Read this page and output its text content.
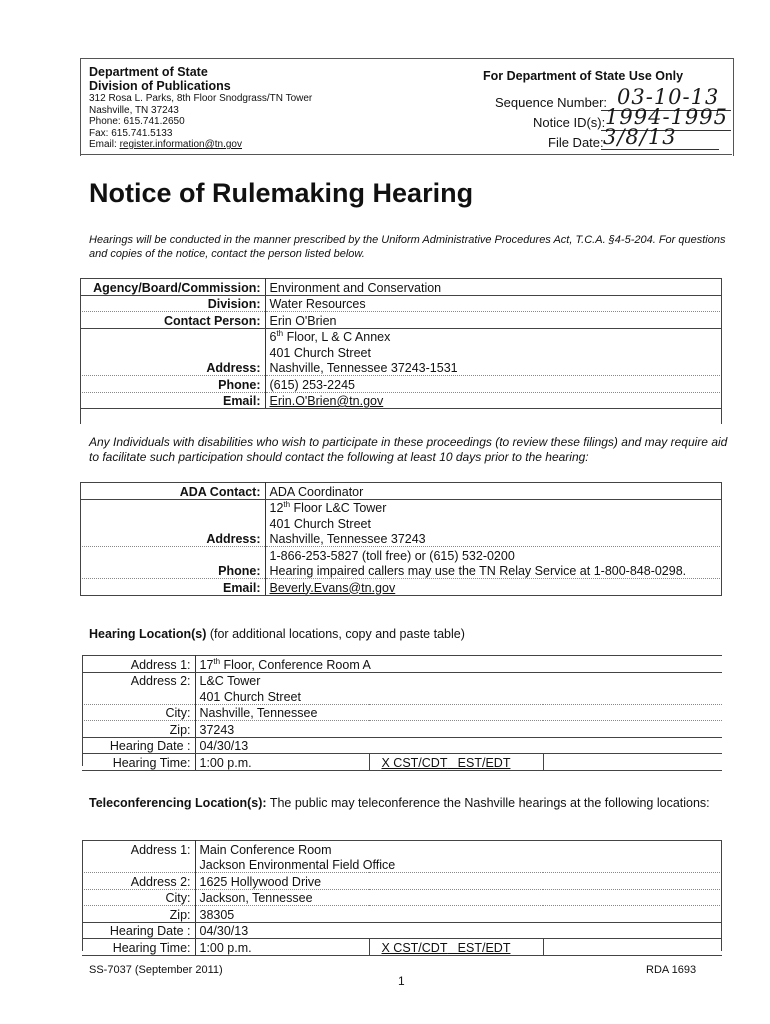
Department of State
Division of Publications
312 Rosa L. Parks, 8th Floor Snodgrass/TN Tower
Nashville, TN 37243
Phone: 615.741.2650
Fax: 615.741.5133
Email: register.information@tn.gov
For Department of State Use Only
Sequence Number: 03-10-13
Notice ID(s): 1994-1995
File Date: 3/8/13
Notice of Rulemaking Hearing
Hearings will be conducted in the manner prescribed by the Uniform Administrative Procedures Act, T.C.A. §4-5-204. For questions and copies of the notice, contact the person listed below.
Agency/Board/Commission:	Environment and Conservation
Division:	Water Resources
Contact Person:	Erin O'Brien
	6th Floor, L & C Annex
	401 Church Street
Address:	Nashville, Tennessee 37243-1531
Phone:	(615) 253-2245
Email:	Erin.O'Brien@tn.gov
Any Individuals with disabilities who wish to participate in these proceedings (to review these filings) and may require aid to facilitate such participation should contact the following at least 10 days prior to the hearing:
ADA Contact:	ADA Coordinator
	12th Floor L&C Tower
	401 Church Street
Address:	Nashville, Tennessee 37243
	1-866-253-5827 (toll free) or (615) 532-0200
Phone:	Hearing impaired callers may use the TN Relay Service at 1-800-848-0298.
Email:	Beverly.Evans@tn.gov
Hearing Location(s) (for additional locations, copy and paste table)
Address 1:	17th Floor, Conference Room A		
Address 2:	L&C Tower		
	401 Church Street		
City:	Nashville, Tennessee		
Zip:	37243		
Hearing Date :	04/30/13		
Hearing Time:	1:00 p.m.	X CST/CDT   EST/EDT	
Teleconferencing Location(s): The public may teleconference the Nashville hearings at the following locations:
Address 1:	Main Conference Room		
	Jackson Environmental Field Office		
Address 2:	1625 Hollywood Drive		
City:	Jackson, Tennessee		
Zip:	38305		
Hearing Date :	04/30/13		
Hearing Time:	1:00 p.m.	X CST/CDT   EST/EDT	
SS-7037 (September 2011)
1
RDA 1693
